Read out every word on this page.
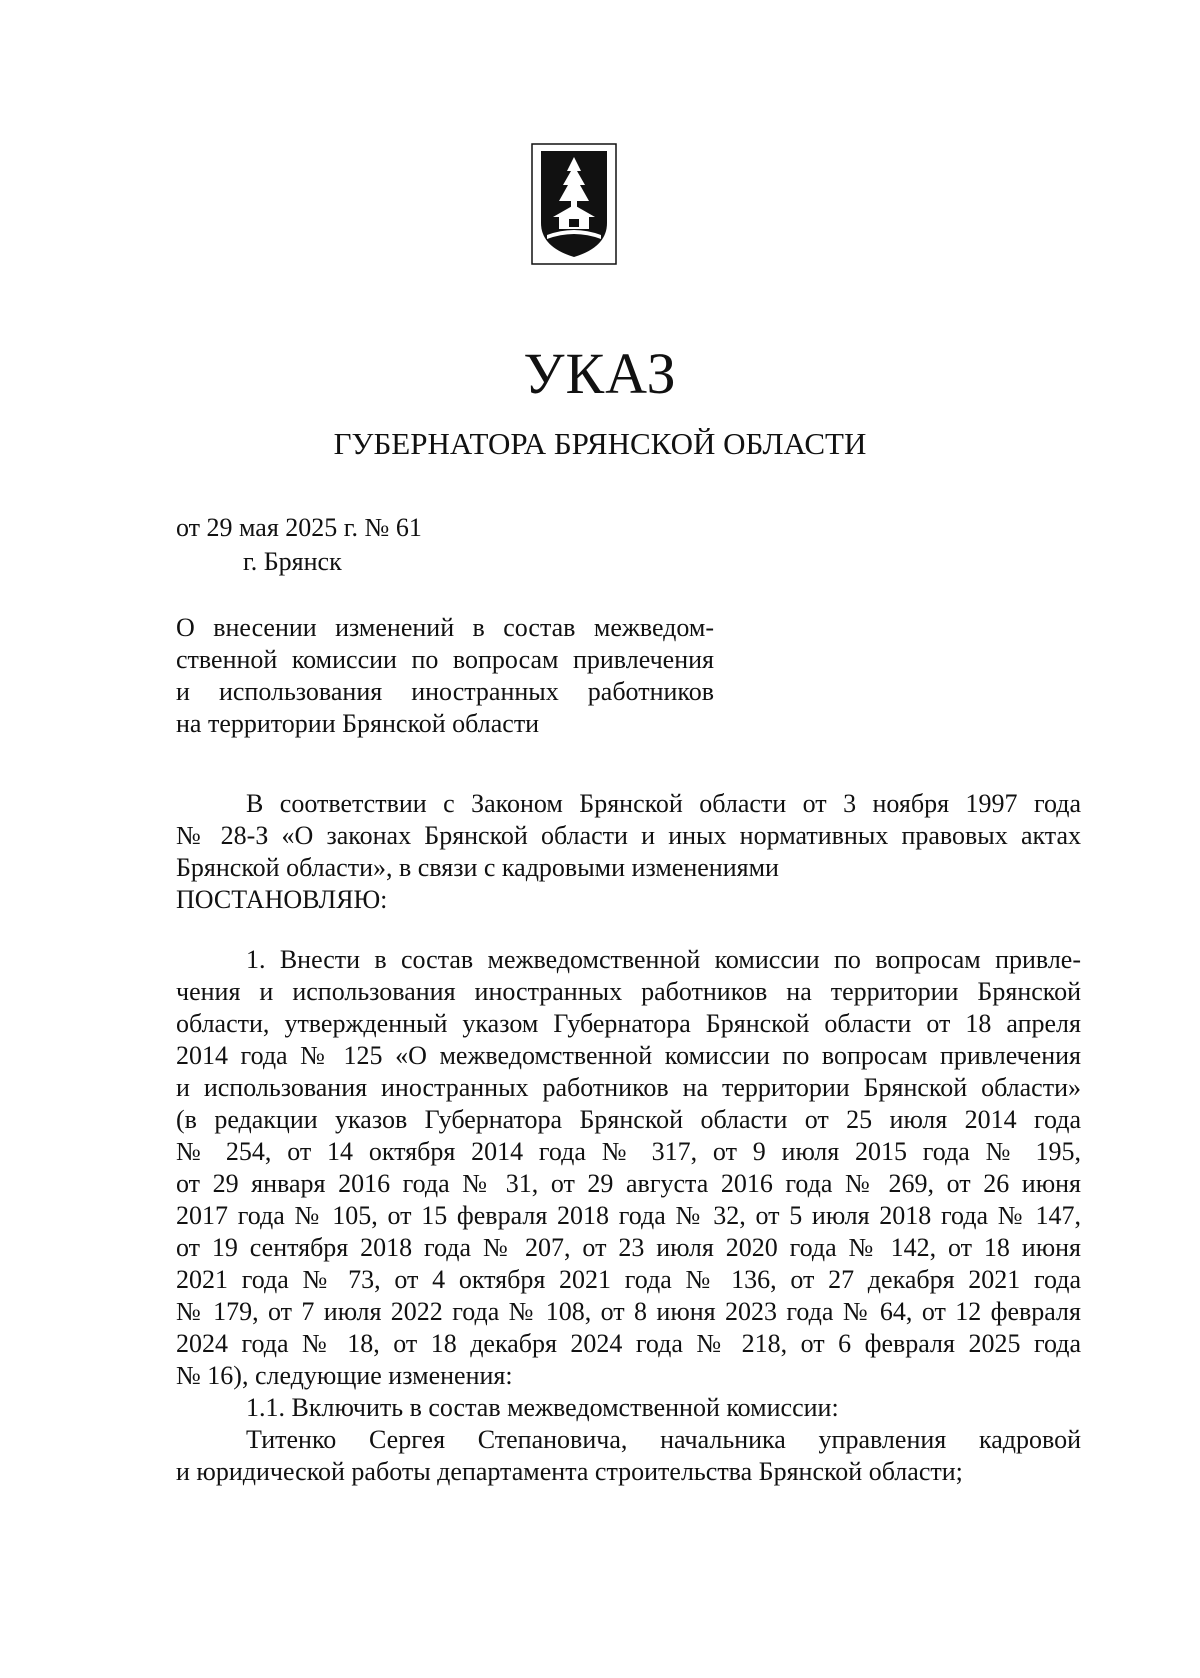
УКАЗ
ГУБЕРНАТОРА БРЯНСКОЙ ОБЛАСТИ
от 29 мая 2025 г. № 61
г. Брянск
О внесении изменений в состав межведом-
ственной комиссии по вопросам привлечения
и использования иностранных работников
на территории Брянской области
В соответствии с Законом Брянской области от 3 ноября 1997 года
№ 28-З «О законах Брянской области и иных нормативных правовых актах
Брянской области», в связи с кадровыми изменениями
ПОСТАНОВЛЯЮ:
1. Внести в состав межведомственной комиссии по вопросам привле-
чения и использования иностранных работников на территории Брянской
области, утвержденный указом Губернатора Брянской области от 18 апреля
2014 года № 125 «О межведомственной комиссии по вопросам привлечения
и использования иностранных работников на территории Брянской области»
(в редакции указов Губернатора Брянской области от 25 июля 2014 года
№ 254, от 14 октября 2014 года № 317, от 9 июля 2015 года № 195,
от 29 января 2016 года № 31, от 29 августа 2016 года № 269, от 26 июня
2017 года № 105, от 15 февраля 2018 года № 32, от 5 июля 2018 года № 147,
от 19 сентября 2018 года № 207, от 23 июля 2020 года № 142, от 18 июня
2021 года № 73, от 4 октября 2021 года № 136, от 27 декабря 2021 года
№ 179, от 7 июля 2022 года № 108, от 8 июня 2023 года № 64, от 12 февраля
2024 года № 18, от 18 декабря 2024 года № 218, от 6 февраля 2025 года
№ 16), следующие изменения:
1.1. Включить в состав межведомственной комиссии:
Титенко Сергея Степановича, начальника управления кадровой
и юридической работы департамента строительства Брянской области;
